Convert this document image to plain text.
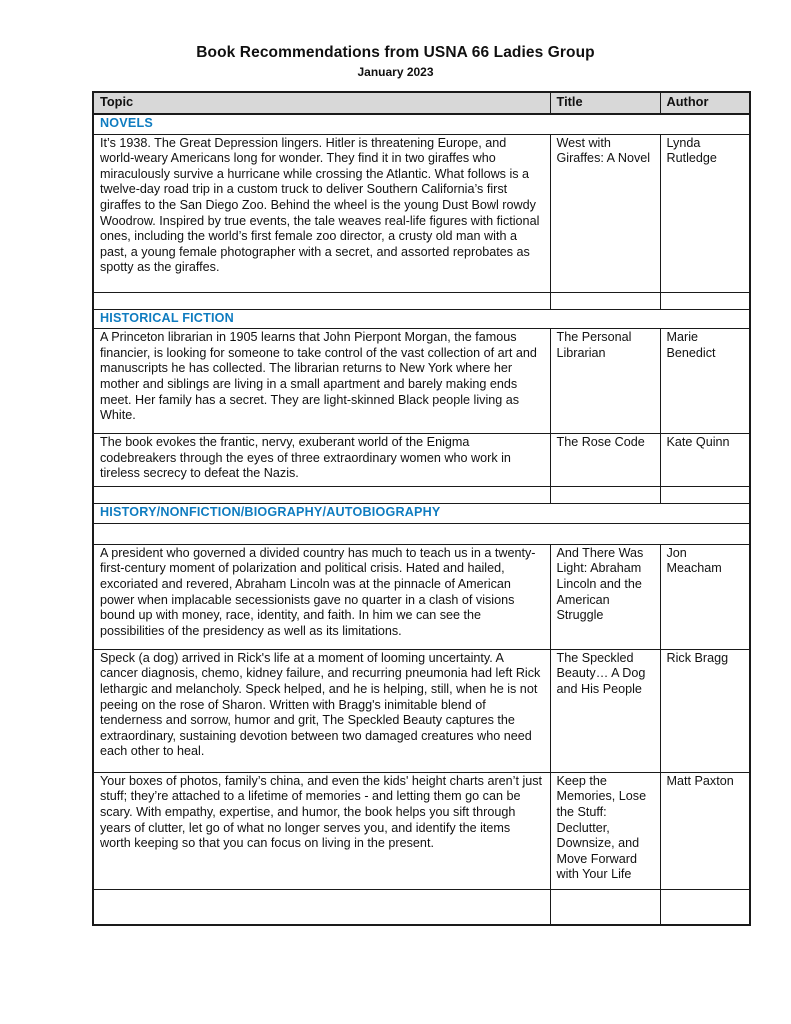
Book Recommendations from USNA 66 Ladies Group
January 2023
Topic	Title	Author
NOVELS		
It’s 1938. The Great Depression lingers. Hitler is threatening Europe, and world-weary Americans long for wonder. They find it in two giraffes who miraculously survive a hurricane while crossing the Atlantic. What follows is a twelve-day road trip in a custom truck to deliver Southern California’s first giraffes to the San Diego Zoo. Behind the wheel is the young Dust Bowl rowdy Woodrow. Inspired by true events, the tale weaves real-life figures with fictional ones, including the world’s first female zoo director, a crusty old man with a past, a young female photographer with a secret, and assorted reprobates as spotty as the giraffes.	West with Giraffes: A Novel	Lynda Rutledge

HISTORICAL FICTION		
A Princeton librarian in 1905 learns that John Pierpont Morgan, the famous financier, is looking for someone to take control of the vast collection of art and manuscripts he has collected. The librarian returns to New York where her mother and siblings are living in a small apartment and barely making ends meet. Her family has a secret. They are light-skinned Black people living as White.	The Personal Librarian	Marie Benedict
The book evokes the frantic, nervy, exuberant world of the Enigma codebreakers through the eyes of three extraordinary women who work in tireless secrecy to defeat the Nazis.	The Rose Code	Kate Quinn

HISTORY/NONFICTION/BIOGRAPHY/AUTOBIOGRAPHY		

A president who governed a divided country has much to teach us in a twenty-first-century moment of polarization and political crisis. Hated and hailed, excoriated and revered, Abraham Lincoln was at the pinnacle of American power when implacable secessionists gave no quarter in a clash of visions bound up with money, race, identity, and faith. In him we can see the possibilities of the presidency as well as its limitations.	And There Was Light: Abraham Lincoln and the American Struggle	Jon Meacham
Speck (a dog) arrived in Rick's life at a moment of looming uncertainty. A cancer diagnosis, chemo, kidney failure, and recurring pneumonia had left Rick lethargic and melancholy. Speck helped, and he is helping, still, when he is not peeing on the rose of Sharon. Written with Bragg's inimitable blend of tenderness and sorrow, humor and grit, The Speckled Beauty captures the extraordinary, sustaining devotion between two damaged creatures who need each other to heal.	The Speckled Beauty… A Dog and His People	Rick Bragg
Your boxes of photos, family’s china, and even the kids' height charts aren’t just stuff; they’re attached to a lifetime of memories - and letting them go can be scary. With empathy, expertise, and humor, the book helps you sift through years of clutter, let go of what no longer serves you, and identify the items worth keeping so that you can focus on living in the present.	Keep the Memories, Lose the Stuff: Declutter, Downsize, and Move Forward with Your Life	Matt Paxton
